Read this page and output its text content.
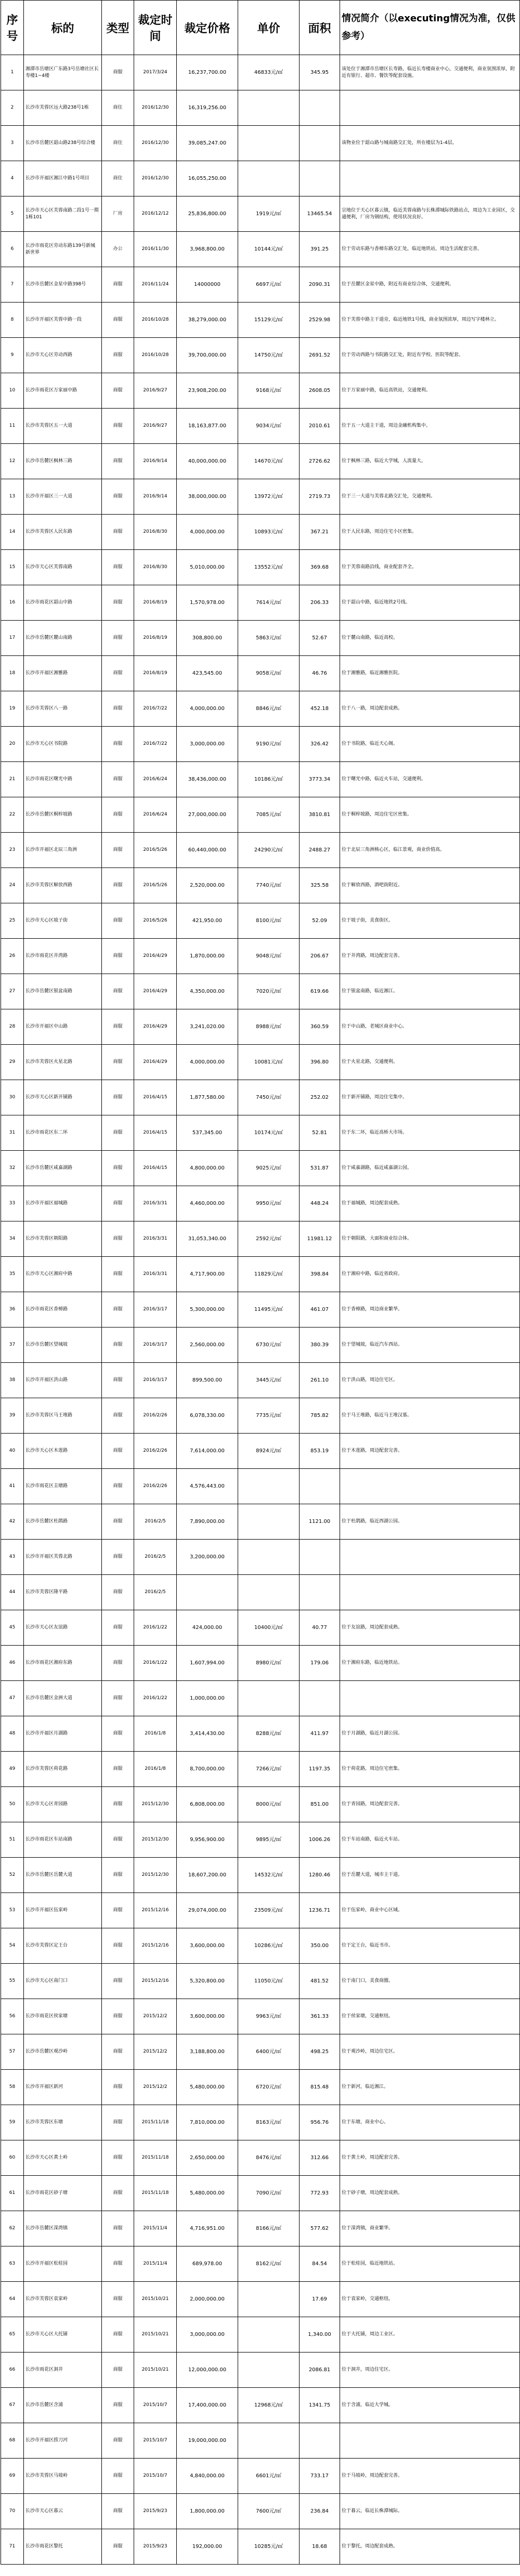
序号	标的	类型	裁定时间	裁定价格	单价	面积	情况简介（以executing情况为准，仅供参考）
1	湘潭市岳塘区广东路3号岳塘社区长寿楼1~4楼	商服	2017/3/24	16,237,700.00	46833元/㎡	345.95	该处位于湘潭市岳塘区长寿路，临近长寿楼商业中心，交通便利，商业氛围浓厚，附近有银行、超市、餐饮等配套设施。
2	长沙市芙蓉区远大路238号1栋	商住	2016/12/30	16,319,256.00			
3	长沙市岳麓区韶山路238号综合楼	商住	2016/12/30	39,085,247.00			该物业位于韶山路与城南路交汇处，所在楼层为1-4层。
4	长沙市开福区湘江中路1号项目	商住	2016/12/30	16,055,250.00			
5	长沙市天心区芙蓉南路二段1号一期1栋101	厂房	2016/12/12	25,836,800.00	1919元/㎡	13465.54	宗地位于天心区暮云镇，临近芙蓉南路与长株潭城际铁路站点，周边为工业园区，交通便利，厂房为钢结构，使用状况良好。
6	长沙市雨花区劳动东路139号新城新世界	办公	2016/11/30	3,968,800.00	10144元/㎡	391.25	位于劳动东路与香樟东路交汇处，临近地铁站，周边生活配套完善。
7	长沙市岳麓区金星中路398号	商服	2016/11/24	14000000	6697元/㎡	2090.31	位于岳麓区金星中路，附近有商业综合体，交通便利。
8	长沙市开福区芙蓉中路一段	商服	2016/10/28	38,279,000.00	15129元/㎡	2529.98	位于芙蓉中路主干道旁，临近地铁1号线，商业氛围浓厚，周边写字楼林立。
9	长沙市天心区劳动西路	商服	2016/10/28	39,700,000.00	14750元/㎡	2691.52	位于劳动西路与书院路交汇处，附近有学校、医院等配套。
10	长沙市雨花区万家丽中路	商服	2016/9/27	23,908,200.00	9168元/㎡	2608.05	位于万家丽中路，临近高铁站，交通便利。
11	长沙市芙蓉区五一大道	商服	2016/9/27	18,163,877.00	9034元/㎡	2010.61	位于五一大道主干道，周边金融机构集中。
12	长沙市岳麓区枫林三路	商服	2016/9/14	40,000,000.00	14670元/㎡	2726.62	位于枫林三路，临近大学城，人流量大。
13	长沙市开福区三一大道	商服	2016/9/14	38,000,000.00	13972元/㎡	2719.73	位于三一大道与芙蓉北路交汇处，交通便利。
14	长沙市芙蓉区人民东路	商服	2016/8/30	4,000,000.00	10893元/㎡	367.21	位于人民东路，周边住宅小区密集。
15	长沙市天心区芙蓉南路	商服	2016/8/30	5,010,000.00	13552元/㎡	369.68	位于芙蓉南路沿线，商业配套齐全。
16	长沙市雨花区韶山中路	商服	2016/8/19	1,570,978.00	7614元/㎡	206.33	位于韶山中路，临近地铁2号线。
17	长沙市岳麓区麓山南路	商服	2016/8/19	308,800.00	5863元/㎡	52.67	位于麓山南路，临近高校。
18	长沙市开福区湘雅路	商服	2016/8/19	423,545.00	9058元/㎡	46.76	位于湘雅路，临近湘雅医院。
19	长沙市芙蓉区八一路	商服	2016/7/22	4,000,000.00	8846元/㎡	452.18	位于八一路，周边配套成熟。
20	长沙市天心区书院路	商服	2016/7/22	3,000,000.00	9190元/㎡	326.42	位于书院路，临近天心阁。
21	长沙市雨花区曙光中路	商服	2016/6/24	38,436,000.00	10186元/㎡	3773.34	位于曙光中路，临近火车站，交通便利。
22	长沙市岳麓区桐梓坡路	商服	2016/6/24	27,000,000.00	7085元/㎡	3810.81	位于桐梓坡路，周边住宅区密集。
23	长沙市开福区北辰三角洲	商服	2016/5/26	60,440,000.00	24290元/㎡	2488.27	位于北辰三角洲核心区，临江景观，商业价值高。
24	长沙市芙蓉区解放西路	商服	2016/5/26	2,520,000.00	7740元/㎡	325.58	位于解放西路，酒吧街附近。
25	长沙市天心区坡子街	商服	2016/5/26	421,950.00	8100元/㎡	52.09	位于坡子街，美食街区。
26	长沙市雨花区井湾路	商服	2016/4/29	1,870,000.00	9048元/㎡	206.67	位于井湾路，周边配套完善。
27	长沙市岳麓区银盆南路	商服	2016/4/29	4,350,000.00	7020元/㎡	619.66	位于银盆南路，临近湘江。
28	长沙市开福区中山路	商服	2016/4/29	3,241,020.00	8988元/㎡	360.59	位于中山路，老城区商业中心。
29	长沙市芙蓉区火星北路	商服	2016/4/29	4,000,000.00	10081元/㎡	396.80	位于火星北路，交通便利。
30	长沙市天心区新开铺路	商服	2016/4/15	1,877,580.00	7450元/㎡	252.02	位于新开铺路，周边住宅集中。
31	长沙市雨花区东二环	商服	2016/4/15	537,345.00	10174元/㎡	52.81	位于东二环，临近高桥大市场。
32	长沙市岳麓区咸嘉湖路	商服	2016/4/15	4,800,000.00	9025元/㎡	531.87	位于咸嘉湖路，临近咸嘉湖公园。
33	长沙市开福区福城路	商服	2016/3/31	4,460,000.00	9950元/㎡	448.24	位于福城路，周边配套成熟。
34	长沙市芙蓉区朝阳路	商服	2016/3/31	31,053,340.00	2592元/㎡	11981.12	位于朝阳路，大面积商业综合体。
35	长沙市天心区湘府中路	商服	2016/3/31	4,717,900.00	11829元/㎡	398.84	位于湘府中路，临近省政府。
36	长沙市雨花区香樟路	商服	2016/3/17	5,300,000.00	11495元/㎡	461.07	位于香樟路，周边商业繁华。
37	长沙市岳麓区望城坡	商服	2016/3/17	2,560,000.00	6730元/㎡	380.39	位于望城坡，临近汽车西站。
38	长沙市开福区洪山路	商服	2016/3/17	899,500.00	3445元/㎡	261.10	位于洪山路，周边住宅区。
39	长沙市芙蓉区马王堆路	商服	2016/2/26	6,078,330.00	7735元/㎡	785.82	位于马王堆路，临近马王堆汉墓。
40	长沙市天心区木莲路	商服	2016/2/26	7,614,000.00	8924元/㎡	853.19	位于木莲路，周边配套完善。
41	长沙市雨花区圭塘路	商服	2016/2/26	4,576,443.00			
42	长沙市岳麓区杜鹃路	商服	2016/2/5	7,890,000.00		1121.00	位于杜鹃路，临近西湖公园。
43	长沙市开福区芙蓉北路	商服	2016/2/5	3,200,000.00			
44	长沙市芙蓉区隆平路	商服	2016/2/5				
45	长沙市天心区友谊路	商服	2016/1/22	424,000.00	10400元/㎡	40.77	位于友谊路，周边配套成熟。
46	长沙市雨花区湘府东路	商服	2016/1/22	1,607,994.00	8980元/㎡	179.06	位于湘府东路，临近地铁站。
47	长沙市岳麓区金洲大道	商服	2016/1/22	1,000,000.00			
48	长沙市开福区月湖路	商服	2016/1/8	3,414,430.00	8288元/㎡	411.97	位于月湖路，临近月湖公园。
49	长沙市芙蓉区荷花路	商服	2016/1/8	8,700,000.00	7266元/㎡	1197.35	位于荷花路，周边住宅密集。
50	长沙市天心区青园路	商服	2015/12/30	6,808,000.00	8000元/㎡	851.00	位于青园路，周边配套完善。
51	长沙市雨花区车站南路	商服	2015/12/30	9,956,900.00	9895元/㎡	1006.26	位于车站南路，临近火车站。
52	长沙市岳麓区岳麓大道	商服	2015/12/30	18,607,200.00	14532元/㎡	1280.46	位于岳麓大道，城市主干道。
53	长沙市开福区伍家岭	商服	2015/12/16	29,074,000.00	23509元/㎡	1236.71	位于伍家岭，商业中心区域。
54	长沙市芙蓉区定王台	商服	2015/12/16	3,600,000.00	10286元/㎡	350.00	位于定王台，临近书市。
55	长沙市天心区南门口	商服	2015/12/16	5,320,800.00	11050元/㎡	481.52	位于南门口，美食商圈。
56	长沙市雨花区侯家塘	商服	2015/12/2	3,600,000.00	9963元/㎡	361.33	位于侯家塘，交通枢纽。
57	长沙市岳麓区观沙岭	商服	2015/12/2	3,188,800.00	6400元/㎡	498.25	位于观沙岭，周边住宅区。
58	长沙市开福区新河	商服	2015/12/2	5,480,000.00	6720元/㎡	815.48	位于新河，临近湘江。
59	长沙市芙蓉区东塘	商服	2015/11/18	7,810,000.00	8163元/㎡	956.76	位于东塘，商业中心。
60	长沙市天心区黄土岭	商服	2015/11/18	2,650,000.00	8476元/㎡	312.66	位于黄土岭，周边配套完善。
61	长沙市雨花区砂子塘	商服	2015/11/18	5,480,000.00	7090元/㎡	772.93	位于砂子塘，周边配套成熟。
62	长沙市岳麓区溁湾镇	商服	2015/11/4	4,716,951.00	8166元/㎡	577.62	位于溁湾镇，商业繁华。
63	长沙市开福区松桂园	商服	2015/11/4	689,978.00	8162元/㎡	84.54	位于松桂园，临近地铁站。
64	长沙市芙蓉区袁家岭	商服	2015/10/21	2,000,000.00		17.69	位于袁家岭，交通枢纽。
65	长沙市天心区大托铺	商服	2015/10/21	3,000,000.00		1,340.00	位于大托铺，周边工业区。
66	长沙市雨花区洞井	商服	2015/10/21	12,000,000.00		2086.81	位于洞井，周边住宅区。
67	长沙市岳麓区含浦	商服	2015/10/7	17,400,000.00	12968元/㎡	1341.75	位于含浦，临近大学城。
68	长沙市开福区捞刀河	商服	2015/10/7	19,000,000.00			
69	长沙市芙蓉区马坡岭	商服	2015/10/7	4,840,000.00	6601元/㎡	733.17	位于马坡岭，周边配套完善。
70	长沙市天心区暮云	商服	2015/9/23	1,800,000.00	7600元/㎡	236.84	位于暮云，临近长株潭城际。
71	长沙市雨花区黎托	商服	2015/9/23	192,000.00	10285元/㎡	18.68	位于黎托，周边配套成熟。
